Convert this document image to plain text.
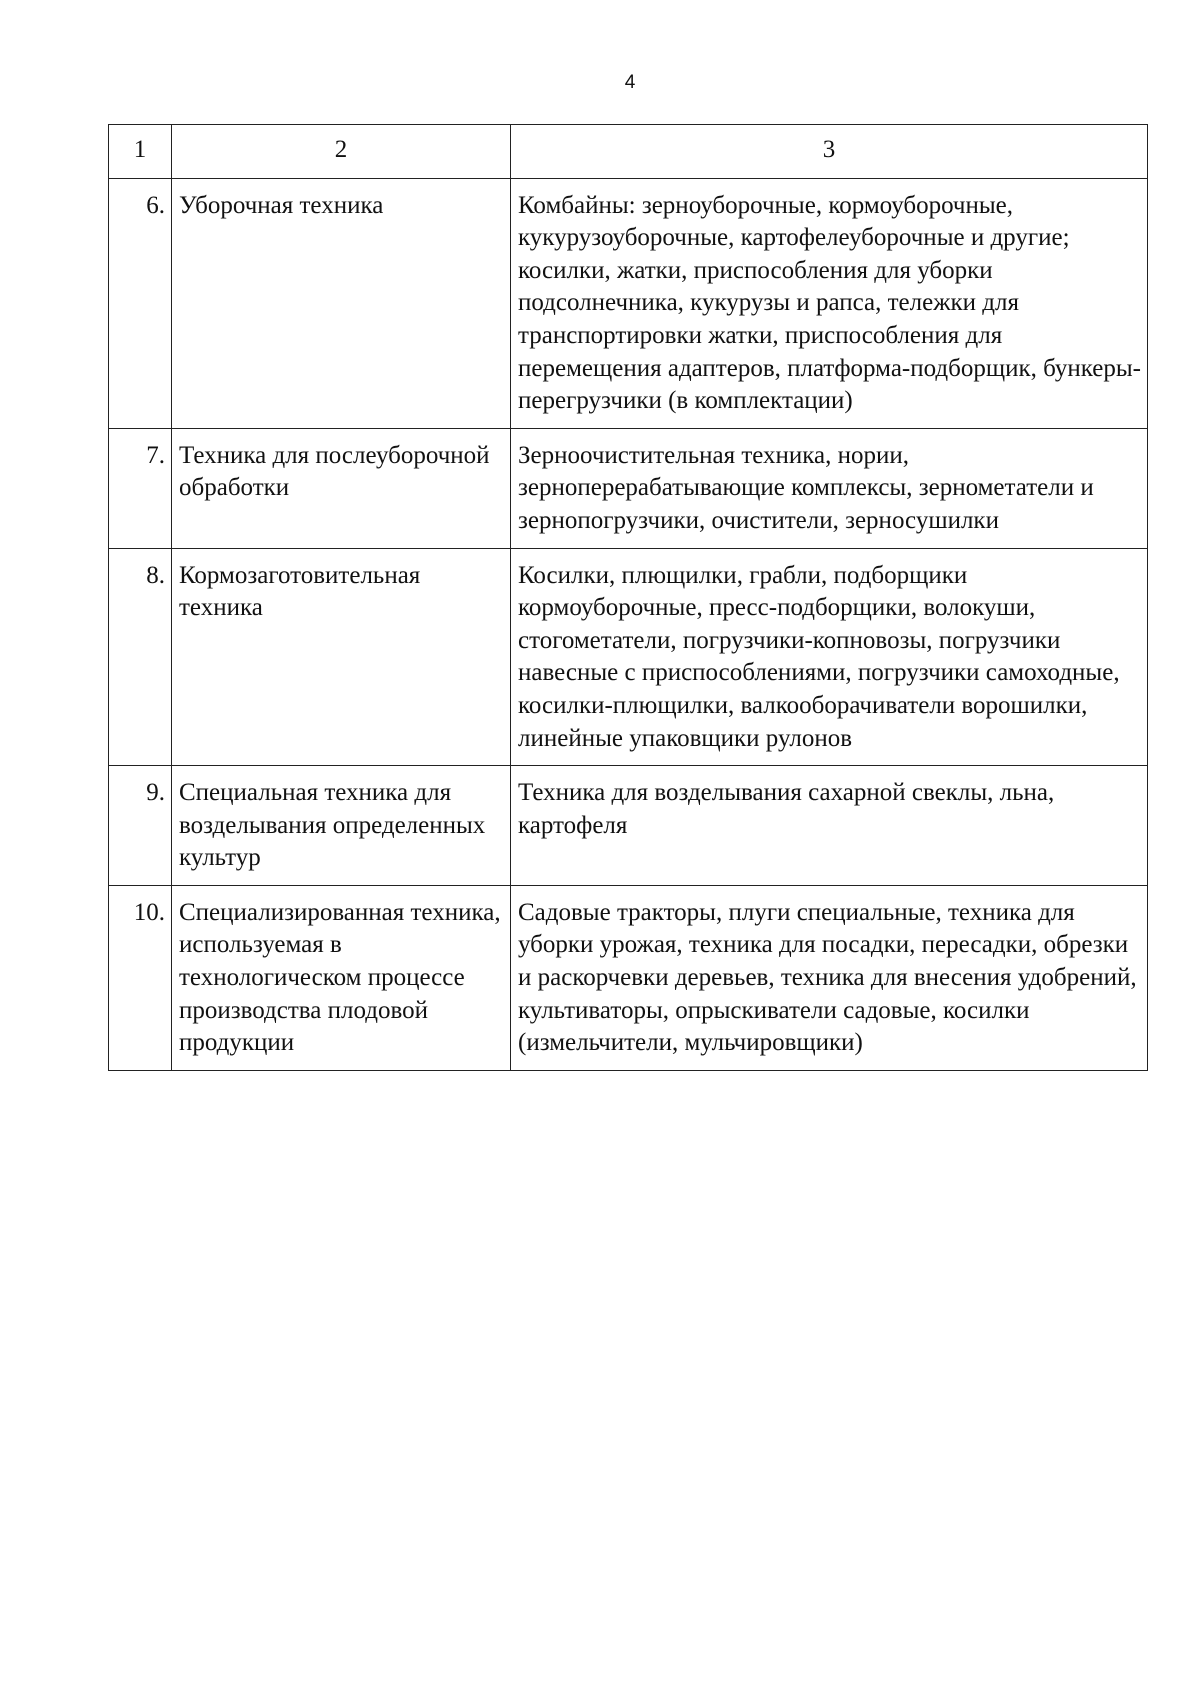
4
1	2	3
6.	Уборочная техника	Комбайны: зерноуборочные, кормоуборочные, кукурузоуборочные, картофелеуборочные и другие; косилки, жатки, приспособления для уборки подсолнечника, кукурузы и рапса, тележки для транспортировки жатки, приспособления для перемещения адаптеров, платформа-подборщик, бункеры-перегрузчики (в комплектации)
7.	Техника для послеуборочной обработки	Зерноочистительная техника, нории, зерноперерабатывающие комплексы, зернометатели и зернопогрузчики, очистители, зерносушилки
8.	Кормозаготовительная техника	Косилки, плющилки, грабли, подборщики кормоуборочные, пресс-подборщики, волокуши, стогометатели, погрузчики-копновозы, погрузчики навесные с приспособлениями, погрузчики самоходные, косилки-плющилки, валкооборачиватели ворошилки, линейные упаковщики рулонов
9.	Специальная техника для возделывания определенных культур	Техника для возделывания сахарной свеклы, льна, картофеля
10.	Специализированная техника, используемая в технологическом процессе производства плодовой продукции	Садовые тракторы, плуги специальные, техника для уборки урожая, техника для посадки, пересадки, обрезки и раскорчевки деревьев, техника для внесения удобрений, культиваторы, опрыскиватели садовые, косилки (измельчители, мульчировщики)
